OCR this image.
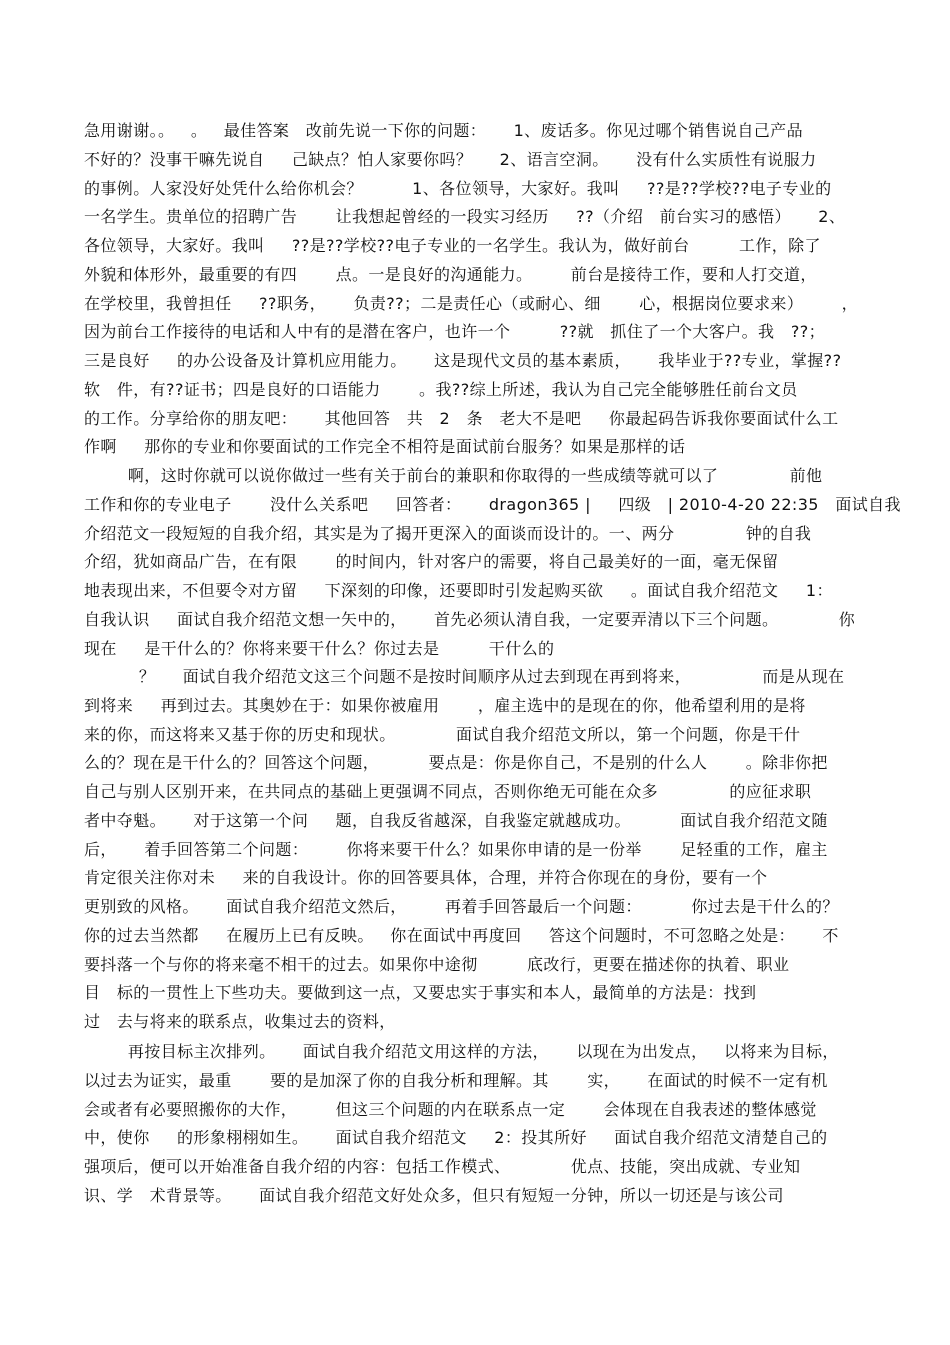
急用谢谢。。   。   最佳答案   改前先说一下你的问题：     1、废话多。你见过哪个销售说自己产品
不好的？没事干嘛先说自     己缺点？怕人家要你吗？     2、语言空洞。     没有什么实质性有说服力
的事例。人家没好处凭什么给你机会？         1、各位领导，大家好。我叫     ??是??学校??电子专业的
一名学生。贵单位的招聘广告       让我想起曾经的一段实习经历     ??（介绍   前台实习的感悟）     2、
各位领导，大家好。我叫     ??是??学校??电子专业的一名学生。我认为，做好前台         工作，除了
外貌和体形外，最重要的有四       点。一是良好的沟通能力。       前台是接待工作，要和人打交道，
在学校里，我曾担任     ??职务，     负责??；二是责任心（或耐心、细       心，根据岗位要求来）       ，
因为前台工作接待的电话和人中有的是潜在客户，也许一个         ??就   抓住了一个大客户。我   ??；
三是良好     的办公设备及计算机应用能力。     这是现代文员的基本素质，     我毕业于??专业，掌握??
软   件，有??证书；四是良好的口语能力       。我??综上所述，我认为自己完全能够胜任前台文员
的工作。分享给你的朋友吧：     其他回答   共   2   条   老大不是吧     你最起码告诉我你要面试什么工
作啊     那你的专业和你要面试的工作完全不相符是面试前台服务？如果是那样的话
啊，这时你就可以说你做过一些有关于前台的兼职和你取得的一些成绩等就可以了             前他
工作和你的专业电子       没什么关系吧     回答者：     dragon365 |     四级   | 2010-4-20 22:35   面试自我
介绍范文一段短短的自我介绍，其实是为了揭开更深入的面谈而设计的。一、两分             钟的自我
介绍，犹如商品广告，在有限       的时间内，针对客户的需要，将自己最美好的一面，毫无保留
地表现出来，不但要令对方留     下深刻的印像，还要即时引发起购买欲     。面试自我介绍范文     1：
自我认识     面试自我介绍范文想一矢中的，     首先必须认清自我，一定要弄清以下三个问题。           你
现在     是干什么的？你将来要干什么？你过去是         干什么的
？     面试自我介绍范文这三个问题不是按时间顺序从过去到现在再到将来，             而是从现在
到将来     再到过去。其奥妙在于：如果你被雇用       ，雇主选中的是现在的你，他希望利用的是将
来的你，而这将来又基于你的历史和现状。           面试自我介绍范文所以，第一个问题，你是干什
么的？现在是干什么的？回答这个问题，         要点是：你是你自己，不是别的什么人       。除非你把
自己与别人区别开来，在共同点的基础上更强调不同点，否则你绝无可能在众多             的应征求职
者中夺魁。     对于这第一个问     题，自我反省越深，自我鉴定就越成功。         面试自我介绍范文随
后，     着手回答第二个问题：       你将来要干什么？如果你申请的是一份举       足轻重的工作，雇主
肯定很关注你对未     来的自我设计。你的回答要具体，合理，并符合你现在的身份，要有一个
更别致的风格。     面试自我介绍范文然后，       再着手回答最后一个问题：         你过去是干什么的？
你的过去当然都     在履历上已有反映。   你在面试中再度回     答这个问题时，不可忽略之处是：     不
要抖落一个与你的将来毫不相干的过去。如果你中途彻         底改行，更要在描述你的执着、职业
目   标的一贯性上下些功夫。要做到这一点，又要忠实于事实和本人，最简单的方法是：找到
过   去与将来的联系点，收集过去的资料，
再按目标主次排列。     面试自我介绍范文用这样的方法，     以现在为出发点，   以将来为目标，
以过去为证实，最重       要的是加深了你的自我分析和理解。其       实，     在面试的时候不一定有机
会或者有必要照搬你的大作，       但这三个问题的内在联系点一定       会体现在自我表述的整体感觉
中，使你     的形象栩栩如生。     面试自我介绍范文     2：投其所好     面试自我介绍范文清楚自己的
强项后，便可以开始准备自我介绍的内容：包括工作模式、           优点、技能，突出成就、专业知
识、学   术背景等。     面试自我介绍范文好处众多，但只有短短一分钟，所以一切还是与该公司
